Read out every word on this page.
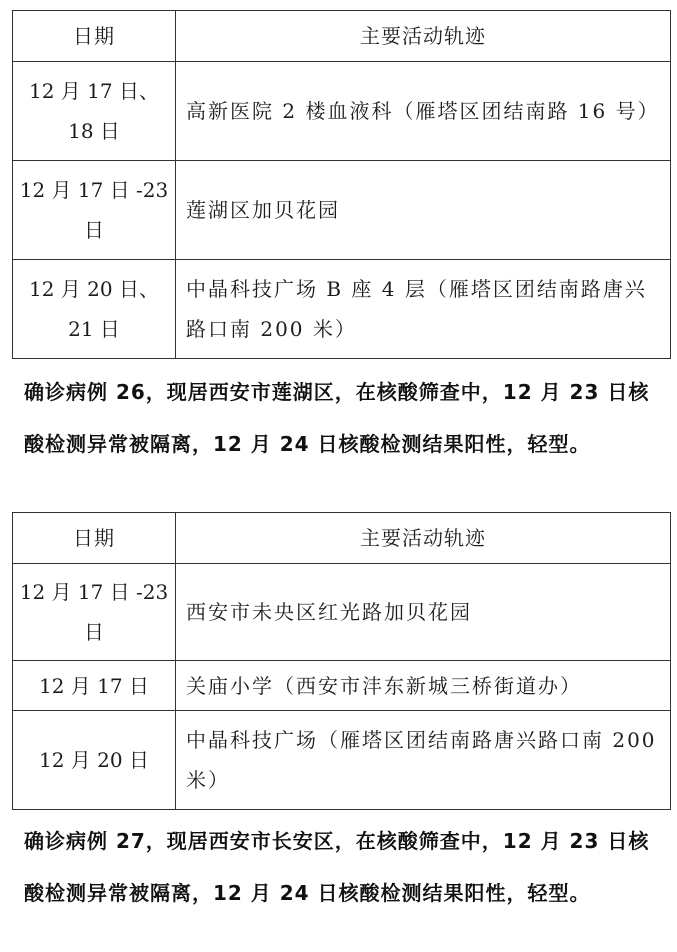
日期	主要活动轨迹
12 月 17 日、18 日	高新医院 2 楼血液科（雁塔区团结南路 16 号）
12 月 17 日 -23 日	莲湖区加贝花园
12 月 20 日、21 日	中晶科技广场 B 座 4 层（雁塔区团结南路唐兴路口南 200 米）

确诊病例 26，现居西安市莲湖区，在核酸筛查中，12 月 23 日核酸检测异常被隔离，12 月 24 日核酸检测结果阳性，轻型。

日期	主要活动轨迹
12 月 17 日 -23 日	西安市未央区红光路加贝花园
12 月 17 日	关庙小学（西安市沣东新城三桥街道办）
12 月 20 日	中晶科技广场（雁塔区团结南路唐兴路口南 200 米）

确诊病例 27，现居西安市长安区，在核酸筛查中，12 月 23 日核酸检测异常被隔离，12 月 24 日核酸检测结果阳性，轻型。
